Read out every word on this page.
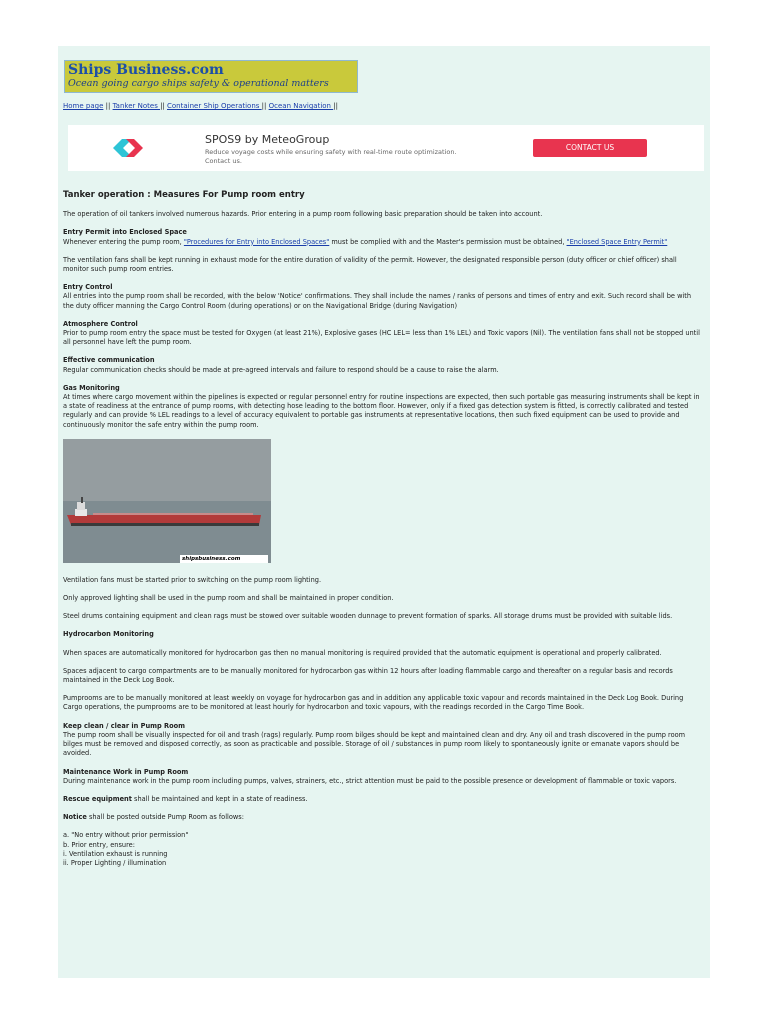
Ships Business.com
Ocean going cargo ships safety & operational matters
Home page || Tanker Notes || Container Ship Operations || Ocean Navigation ||
SPOS9 by MeteoGroup
Reduce voyage costs while ensuring safety with real-time route optimization. Contact us.
CONTACT US
Tanker operation : Measures For Pump room entry

The operation of oil tankers involved numerous hazards. Prior entering in a pump room following basic preparation should be taken into account.

Entry Permit into Enclosed Space
Whenever entering the pump room, "Procedures for Entry into Enclosed Spaces" must be complied with and the Master's permission must be obtained, "Enclosed Space Entry Permit"

The ventilation fans shall be kept running in exhaust mode for the entire duration of validity of the permit. However, the designated responsible person (duty officer or chief officer) shall monitor such pump room entries.

Entry Control
All entries into the pump room shall be recorded, with the below 'Notice' confirmations. They shall include the names / ranks of persons and times of entry and exit. Such record shall be with the duty officer manning the Cargo Control Room (during operations) or on the Navigational Bridge (during Navigation)

Atmosphere Control
Prior to pump room entry the space must be tested for Oxygen (at least 21%), Explosive gases (HC LEL= less than 1% LEL) and Toxic vapors (Nil). The ventilation fans shall not be stopped until all personnel have left the pump room.

Effective communication
Regular communication checks should be made at pre-agreed intervals and failure to respond should be a cause to raise the alarm.

Gas Monitoring
At times where cargo movement within the pipelines is expected or regular personnel entry for routine inspections are expected, then such portable gas measuring instruments shall be kept in a state of readiness at the entrance of pump rooms, with detecting hose leading to the bottom floor. However, only if a fixed gas detection system is fitted, is correctly calibrated and tested regularly and can provide % LEL readings to a level of accuracy equivalent to portable gas instruments at representative locations, then such fixed equipment can be used to provide and continuously monitor the safe entry within the pump room.

shipsbusiness.com

Ventilation fans must be started prior to switching on the pump room lighting.

Only approved lighting shall be used in the pump room and shall be maintained in proper condition.

Steel drums containing equipment and clean rags must be stowed over suitable wooden dunnage to prevent formation of sparks. All storage drums must be provided with suitable lids.

Hydrocarbon Monitoring

When spaces are automatically monitored for hydrocarbon gas then no manual monitoring is required provided that the automatic equipment is operational and properly calibrated.

Spaces adjacent to cargo compartments are to be manually monitored for hydrocarbon gas within 12 hours after loading flammable cargo and thereafter on a regular basis and records maintained in the Deck Log Book.

Pumprooms are to be manually monitored at least weekly on voyage for hydrocarbon gas and in addition any applicable toxic vapour and records maintained in the Deck Log Book. During Cargo operations, the pumprooms are to be monitored at least hourly for hydrocarbon and toxic vapours, with the readings recorded in the Cargo Time Book.

Keep clean / clear in Pump Room
The pump room shall be visually inspected for oil and trash (rags) regularly. Pump room bilges should be kept and maintained clean and dry. Any oil and trash discovered in the pump room bilges must be removed and disposed correctly, as soon as practicable and possible. Storage of oil / substances in pump room likely to spontaneously ignite or emanate vapors should be avoided.

Maintenance Work in Pump Room
During maintenance work in the pump room including pumps, valves, strainers, etc., strict attention must be paid to the possible presence or development of flammable or toxic vapors.

Rescue equipment shall be maintained and kept in a state of readiness.

Notice shall be posted outside Pump Room as follows:

a. "No entry without prior permission"
b. Prior entry, ensure:
i. Ventilation exhaust is running
ii. Proper Lighting / illumination
